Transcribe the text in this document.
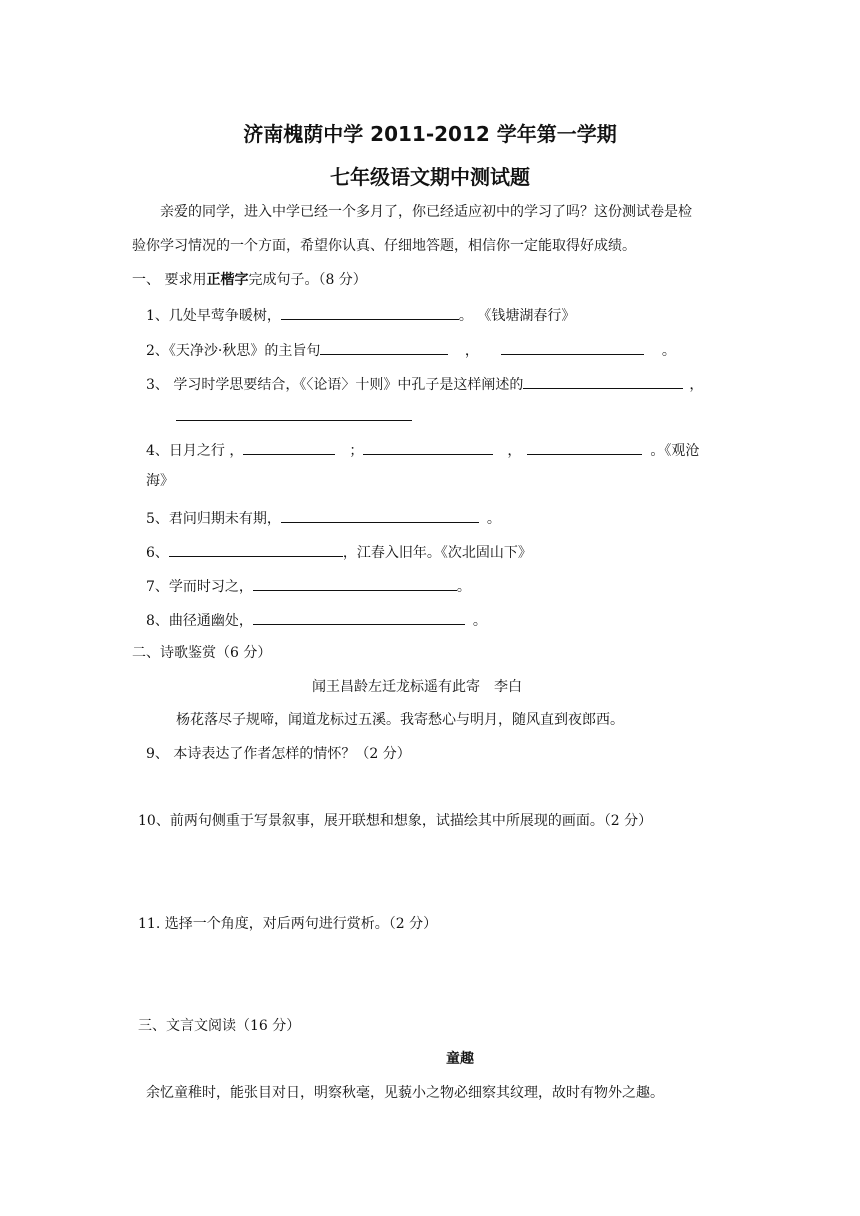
济南槐荫中学 2011-2012 学年第一学期
七年级语文期中测试题
亲爱的同学，进入中学已经一个多月了，你已经适应初中的学习了吗？这份测试卷是检
验你学习情况的一个方面，希望你认真、仔细地答题，相信你一定能取得好成绩。
一、 要求用正楷字完成句子。（8 分）
1、几处早莺争暖树，	。 《钱塘湖春行》
2、《天净沙·秋思》的主旨句	，	。
3、 学习时学思要结合，《〈论语〉十则》中孔子是这样阐述的	，
4、日月之行 ，	；	，	。《观沧
海》
5、君问归期未有期，	。
6、	，江春入旧年。《次北固山下》
7、学而时习之，	。
8、曲径通幽处，	。
二、诗歌鉴赏（6 分）
闻王昌龄左迁龙标遥有此寄　李白
杨花落尽子规啼，闻道龙标过五溪。我寄愁心与明月，随风直到夜郎西。
9、 本诗表达了作者怎样的情怀？（2 分）
10、前两句侧重于写景叙事，展开联想和想象，试描绘其中所展现的画面。（2 分）
11. 选择一个角度，对后两句进行赏析。（2 分）
三、文言文阅读（16 分）
童趣
余忆童稚时，能张目对日，明察秋毫，见藐小之物必细察其纹理，故时有物外之趣。
